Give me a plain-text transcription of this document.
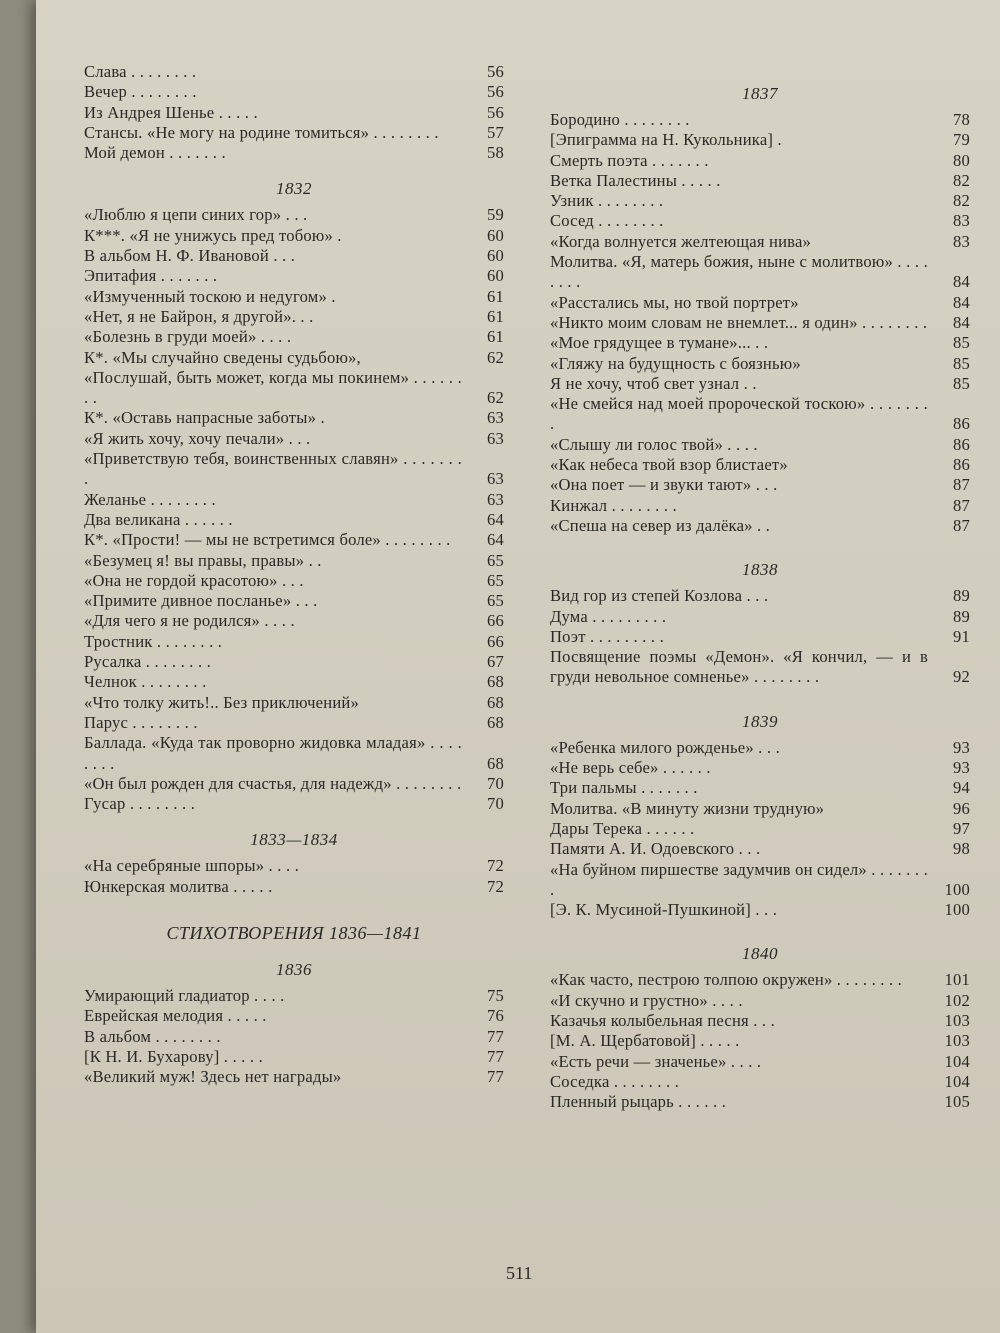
Слава . . . . . . . .	56
Вечер . . . . . . . .	56
Из Андрея Шенье . . . . .	56
Стансы. «Не могу на родине томиться» . . . . . . . .	57
Мой демон . . . . . . .	58
1832
«Люблю я цепи синих гор» . . .	59
К***. «Я не унижусь пред тобою» .	60
В альбом Н. Ф. Ивановой . . .	60
Эпитафия . . . . . . .	60
«Измученный тоскою и недугом» .	61
«Нет, я не Байрон, я другой». . .	61
«Болезнь в груди моей» . . . .	61
К*. «Мы случайно сведены судьбою»,	62
«Послушай, быть может, когда мы покинем» . . . . . . . .	62
К*. «Оставь напрасные заботы» .	63
«Я жить хочу, хочу печали» . . .	63
«Приветствую тебя, воинственных славян» . . . . . . . .	63
Желанье . . . . . . . .	63
Два великана . . . . . .	64
К*. «Прости! — мы не встретимся боле» . . . . . . . .	64
«Безумец я! вы правы, правы» . .	65
«Она не гордой красотою» . . .	65
«Примите дивное посланье» . . .	65
«Для чего я не родился» . . . .	66
Тростник . . . . . . . .	66
Русалка . . . . . . . .	67
Челнок . . . . . . . .	68
«Что толку жить!.. Без приключений»	68
Парус . . . . . . . .	68
Баллада. «Куда так проворно жидовка младая» . . . . . . . .	68
«Он был рожден для счастья, для надежд» . . . . . . . .	70
Гусар . . . . . . . .	70
1833—1834
«На серебряные шпоры» . . . .	72
Юнкерская молитва . . . . .	72
СТИХОТВОРЕНИЯ 1836—1841
1836
Умирающий гладиатор . . . .	75
Еврейская мелодия . . . . .	76
В альбом . . . . . . . .	77
[К Н. И. Бухарову] . . . . .	77
«Великий муж! Здесь нет награды»	77
1837
Бородино . . . . . . . .	78
[Эпиграмма на Н. Кукольника] .	79
Смерть поэта . . . . . . .	80
Ветка Палестины . . . . .	82
Узник . . . . . . . .	82
Сосед . . . . . . . .	83
«Когда волнуется желтеющая нива»	83
Молитва. «Я, матерь божия, ныне с молитвою» . . . . . . . .	84
«Расстались мы, но твой портрет»	84
«Никто моим словам не внемлет... я один» . . . . . . . .	84
«Мое грядущее в тумане»... . .	85
«Гляжу на будущность с боязнью»	85
Я не хочу, чтоб свет узнал . .	85
«Не смейся над моей пророческой тоскою» . . . . . . . .	86
«Слышу ли голос твой» . . . .	86
«Как небеса твой взор блистает»	86
«Она поет — и звуки тают» . . .	87
Кинжал . . . . . . . .	87
«Спеша на север из далёка» . .	87
1838
Вид гор из степей Козлова . . .	89
Дума . . . . . . . . .	89
Поэт . . . . . . . . .	91
Посвящение поэмы «Демон». «Я кончил, — и в груди невольное сомненье» . . . . . . . .	92
1839
«Ребенка милого рожденье» . . .	93
«Не верь себе» . . . . . .	93
Три пальмы . . . . . . .	94
Молитва. «В минуту жизни трудную»	96
Дары Терека . . . . . .	97
Памяти А. И. Одоевского . . .	98
«На буйном пиршестве задумчив он сидел» . . . . . . . .	100
[Э. К. Мусиной-Пушкиной] . . .	100
1840
«Как часто, пестрою толпою окружен» . . . . . . . .	101
«И скучно и грустно» . . . .	102
Казачья колыбельная песня . . .	103
[М. А. Щербатовой] . . . . .	103
«Есть речи — значенье» . . . .	104
Соседка . . . . . . . .	104
Пленный рыцарь . . . . . .	105
511
